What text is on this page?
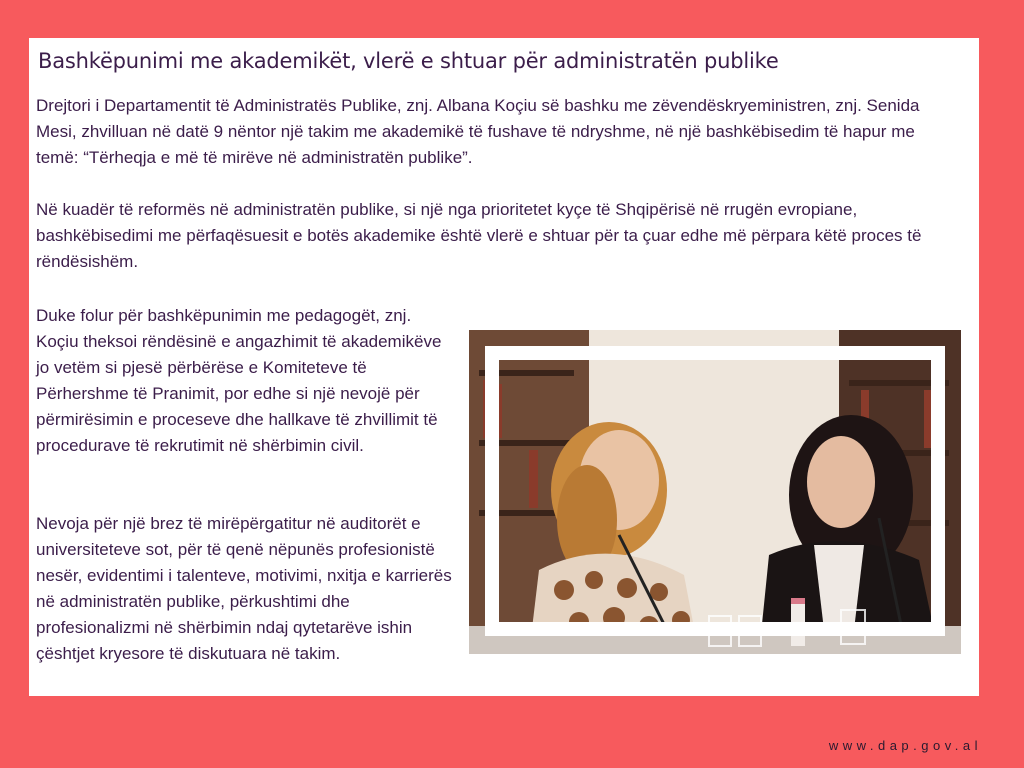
Bashkëpunimi me akademikët, vlerë e shtuar për administratën publike

Drejtori i Departamentit të Administratës Publike, znj. Albana Koçiu së bashku me zëvendëskryeministren, znj. Senida Mesi, zhvilluan në datë 9 nëntor një takim me akademikë të fushave të ndryshme, në një bashkëbisedim të hapur me temë: “Tërheqja e më të mirëve në administratën publike”.

Në kuadër të reformës në administratën publike, si një nga prioritetet kyçe të Shqipërisë në rrugën evropiane, bashkëbisedimi me përfaqësuesit e botës akademike është vlerë e shtuar për ta çuar edhe më përpara këtë proces të rëndësishëm.

Duke folur për bashkëpunimin me pedagogët, znj. Koçiu theksoi rëndësinë e angazhimit të akademikëve jo vetëm si pjesë përbërëse e Komiteteve të Përhershme të Pranimit, por edhe si një nevojë për përmirësimin e proceseve dhe hallkave të zhvillimit të procedurave të rekrutimit në shërbimin civil.

Nevoja për një brez të mirëpërgatitur në auditorët e universiteteve sot, për të qenë nëpunës profesionistë nesër, evidentimi i talenteve, motivimi, nxitja e karrierës në administratën publike, përkushtimi dhe profesionalizmi në shërbimin ndaj qytetarëve ishin çështjet kryesore të diskutuara në takim.

www.dap.gov.al
